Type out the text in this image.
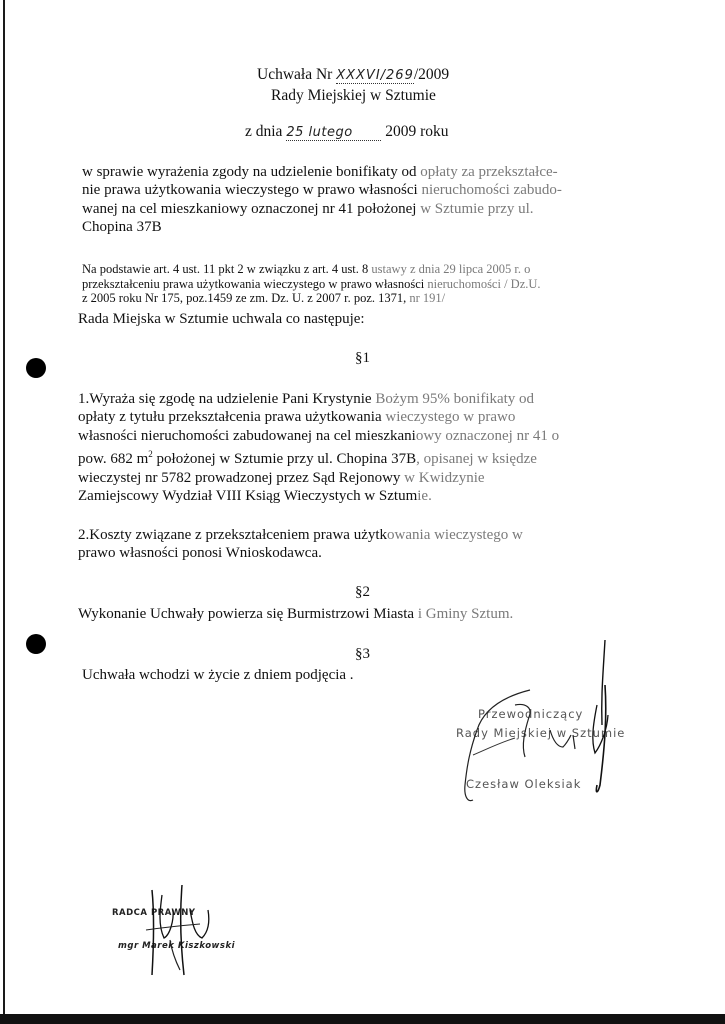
Uchwała Nr XXXVI/269/2009
Rady Miejskiej w Sztumie
z dnia 25 lutego 2009 roku
w sprawie wyrażenia zgody na udzielenie bonifikaty od opłaty za przekształce-
nie prawa użytkowania wieczystego w prawo własności nieruchomości zabudo-
wanej na cel mieszkaniowy oznaczonej nr 41 położonej w Sztumie przy ul.
Chopina 37B
Na podstawie art. 4 ust. 11 pkt 2 w związku z art. 4 ust. 8 ustawy z dnia 29 lipca 2005 r. o
przekształceniu prawa użytkowania wieczystego w prawo własności nieruchomości / Dz.U.
z 2005 roku Nr 175, poz.1459 ze zm. Dz. U. z 2007 r. poz. 1371, nr 191/
Rada Miejska w Sztumie uchwala co następuje:
§1
1.Wyraża się zgodę na udzielenie Pani Krystynie Bożym 95% bonifikaty od
opłaty z tytułu przekształcenia prawa użytkowania wieczystego w prawo
własności nieruchomości zabudowanej na cel mieszkaniowy oznaczonej nr 41 o
pow. 682 $m^2$ położonej w Sztumie przy ul. Chopina 37B, opisanej w księdze
wieczystej nr 5782 prowadzonej przez Sąd Rejonowy w Kwidzynie
Zamiejscowy Wydział VIII Ksiąg Wieczystych w Sztumie.
2.Koszty związane z przekształceniem prawa użytkowania wieczystego w
prawo własności ponosi Wnioskodawca.
§2
Wykonanie Uchwały powierza się Burmistrzowi Miasta i Gminy Sztum.
§3
Uchwała wchodzi w życie z dniem podjęcia .
Przewodniczący
Rady Miejskiej w Sztumie
Czesław Oleksiak
RADCA PRAWNY
mgr Marek Kiszkowski
